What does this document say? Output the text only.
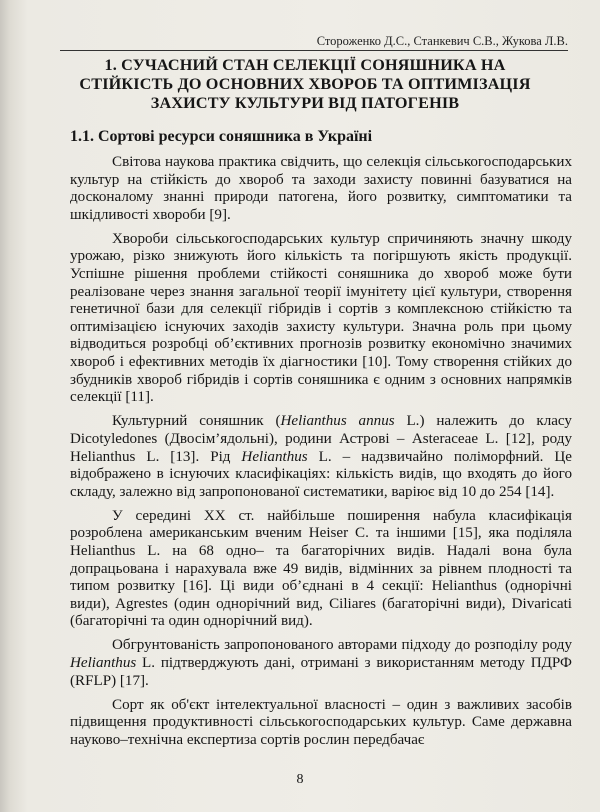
Стороженко Д.С., Станкевич С.В., Жукова Л.В.
1. СУЧАСНИЙ СТАН СЕЛЕКЦІЇ СОНЯШНИКА НА СТІЙКІСТЬ ДО ОСНОВНИХ ХВОРОБ ТА ОПТИМІЗАЦІЯ ЗАХИСТУ КУЛЬТУРИ ВІД ПАТОГЕНІВ
1.1. Сортові ресурси соняшника в Україні

Світова наукова практика свідчить, що селекція сільськогосподарських культур на стійкість до хвороб та заходи захисту повинні базуватися на досконалому знанні природи патогена, його розвитку, симптоматики та шкідливості хвороби [9].

Хвороби сільськогосподарських культур спричиняють значну шкоду урожаю, різко знижують його кількість та погіршують якість продукції. Успішне рішення проблеми стійкості соняшника до хвороб може бути реалізоване через знання загальної теорії імунітету цієї культури, створення генетичної бази для селекції гібридів і сортів з комплексною стійкістю та оптимізацією існуючих заходів захисту культури. Значна роль при цьому відводиться розробці об’єктивних прогнозів розвитку економічно значимих хвороб і ефективних методів їх діагностики [10]. Тому створення стійких до збудників хвороб гібридів і сортів соняшника є одним з основних напрямків селекції [11].

Культурний соняшник (Helianthus annus L.) належить до класу Dicotyledones (Двосім’ядольні), родини Астрові – Asteraceae L. [12], роду Helianthus L. [13]. Рід Helianthus L. – надзвичайно поліморфний. Це відображено в існуючих класифікаціях: кількість видів, що входять до його складу, залежно від запропонованої систематики, варіює від 10 до 254 [14].

У середині XX ст. найбільше поширення набула класифікація розроблена американським вченим Heiser C. та іншими [15], яка поділяла Helianthus L. на 68 одно– та багаторічних видів. Надалі вона була допрацьована і нарахувала вже 49 видів, відмінних за рівнем плодності та типом розвитку [16]. Ці види об’єднані в 4 секції: Helianthus (однорічні види), Agrestes (один однорічний вид, Ciliares (багаторічні види), Divaricati (багаторічні та один однорічний вид).

Обгрунтованість запропонованого авторами підходу до розподілу роду Helianthus L. підтверджують дані, отримані з використанням методу ПДРФ (RFLP) [17].

Сорт як об'єкт інтелектуальної власності – один з важливих засобів підвищення продуктивності сільськогосподарських культур. Саме державна науково–технічна експертиза сортів рослин передбачає

8
